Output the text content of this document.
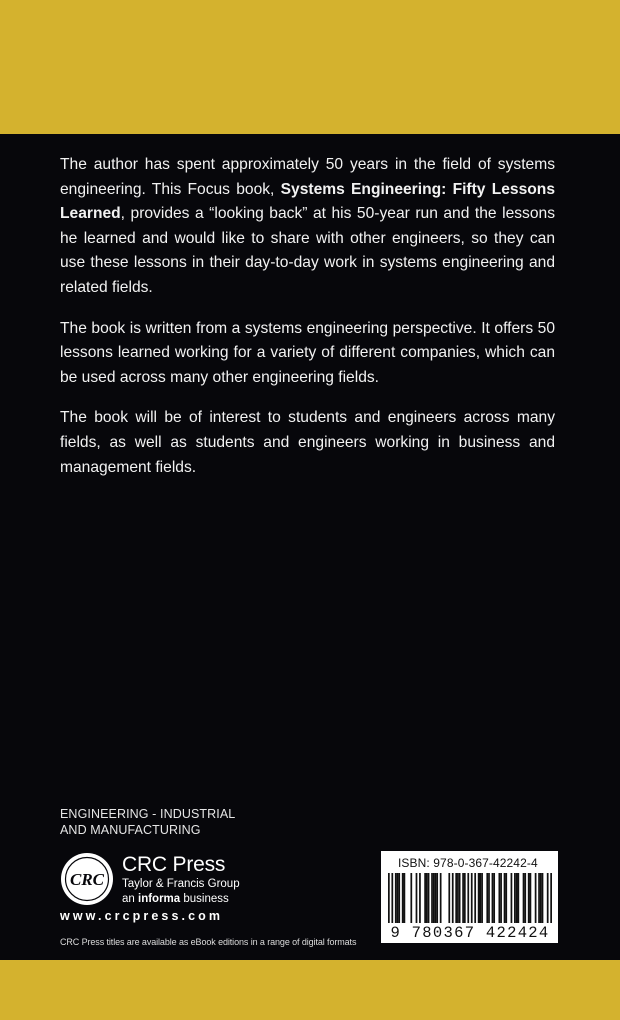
The author has spent approximately 50 years in the field of systems engineering. This Focus book, Systems Engineering: Fifty Lessons Learned, provides a “looking back” at his 50-year run and the lessons he learned and would like to share with other engineers, so they can use these lessons in their day-to-day work in systems engineering and related fields.

The book is written from a systems engineering perspective. It offers 50 lessons learned working for a variety of different companies, which can be used across many other engineering fields.

The book will be of interest to students and engineers across many fields, as well as students and engineers working in business and management fields.

ENGINEERING - INDUSTRIAL
AND MANUFACTURING
CRC
CRC Press
Taylor & Francis Group
an informa business
www.crcpress.com
CRC Press titles are available as eBook editions in a range of digital formats
ISBN: 978-0-367-42242-4
9 780367 422424
